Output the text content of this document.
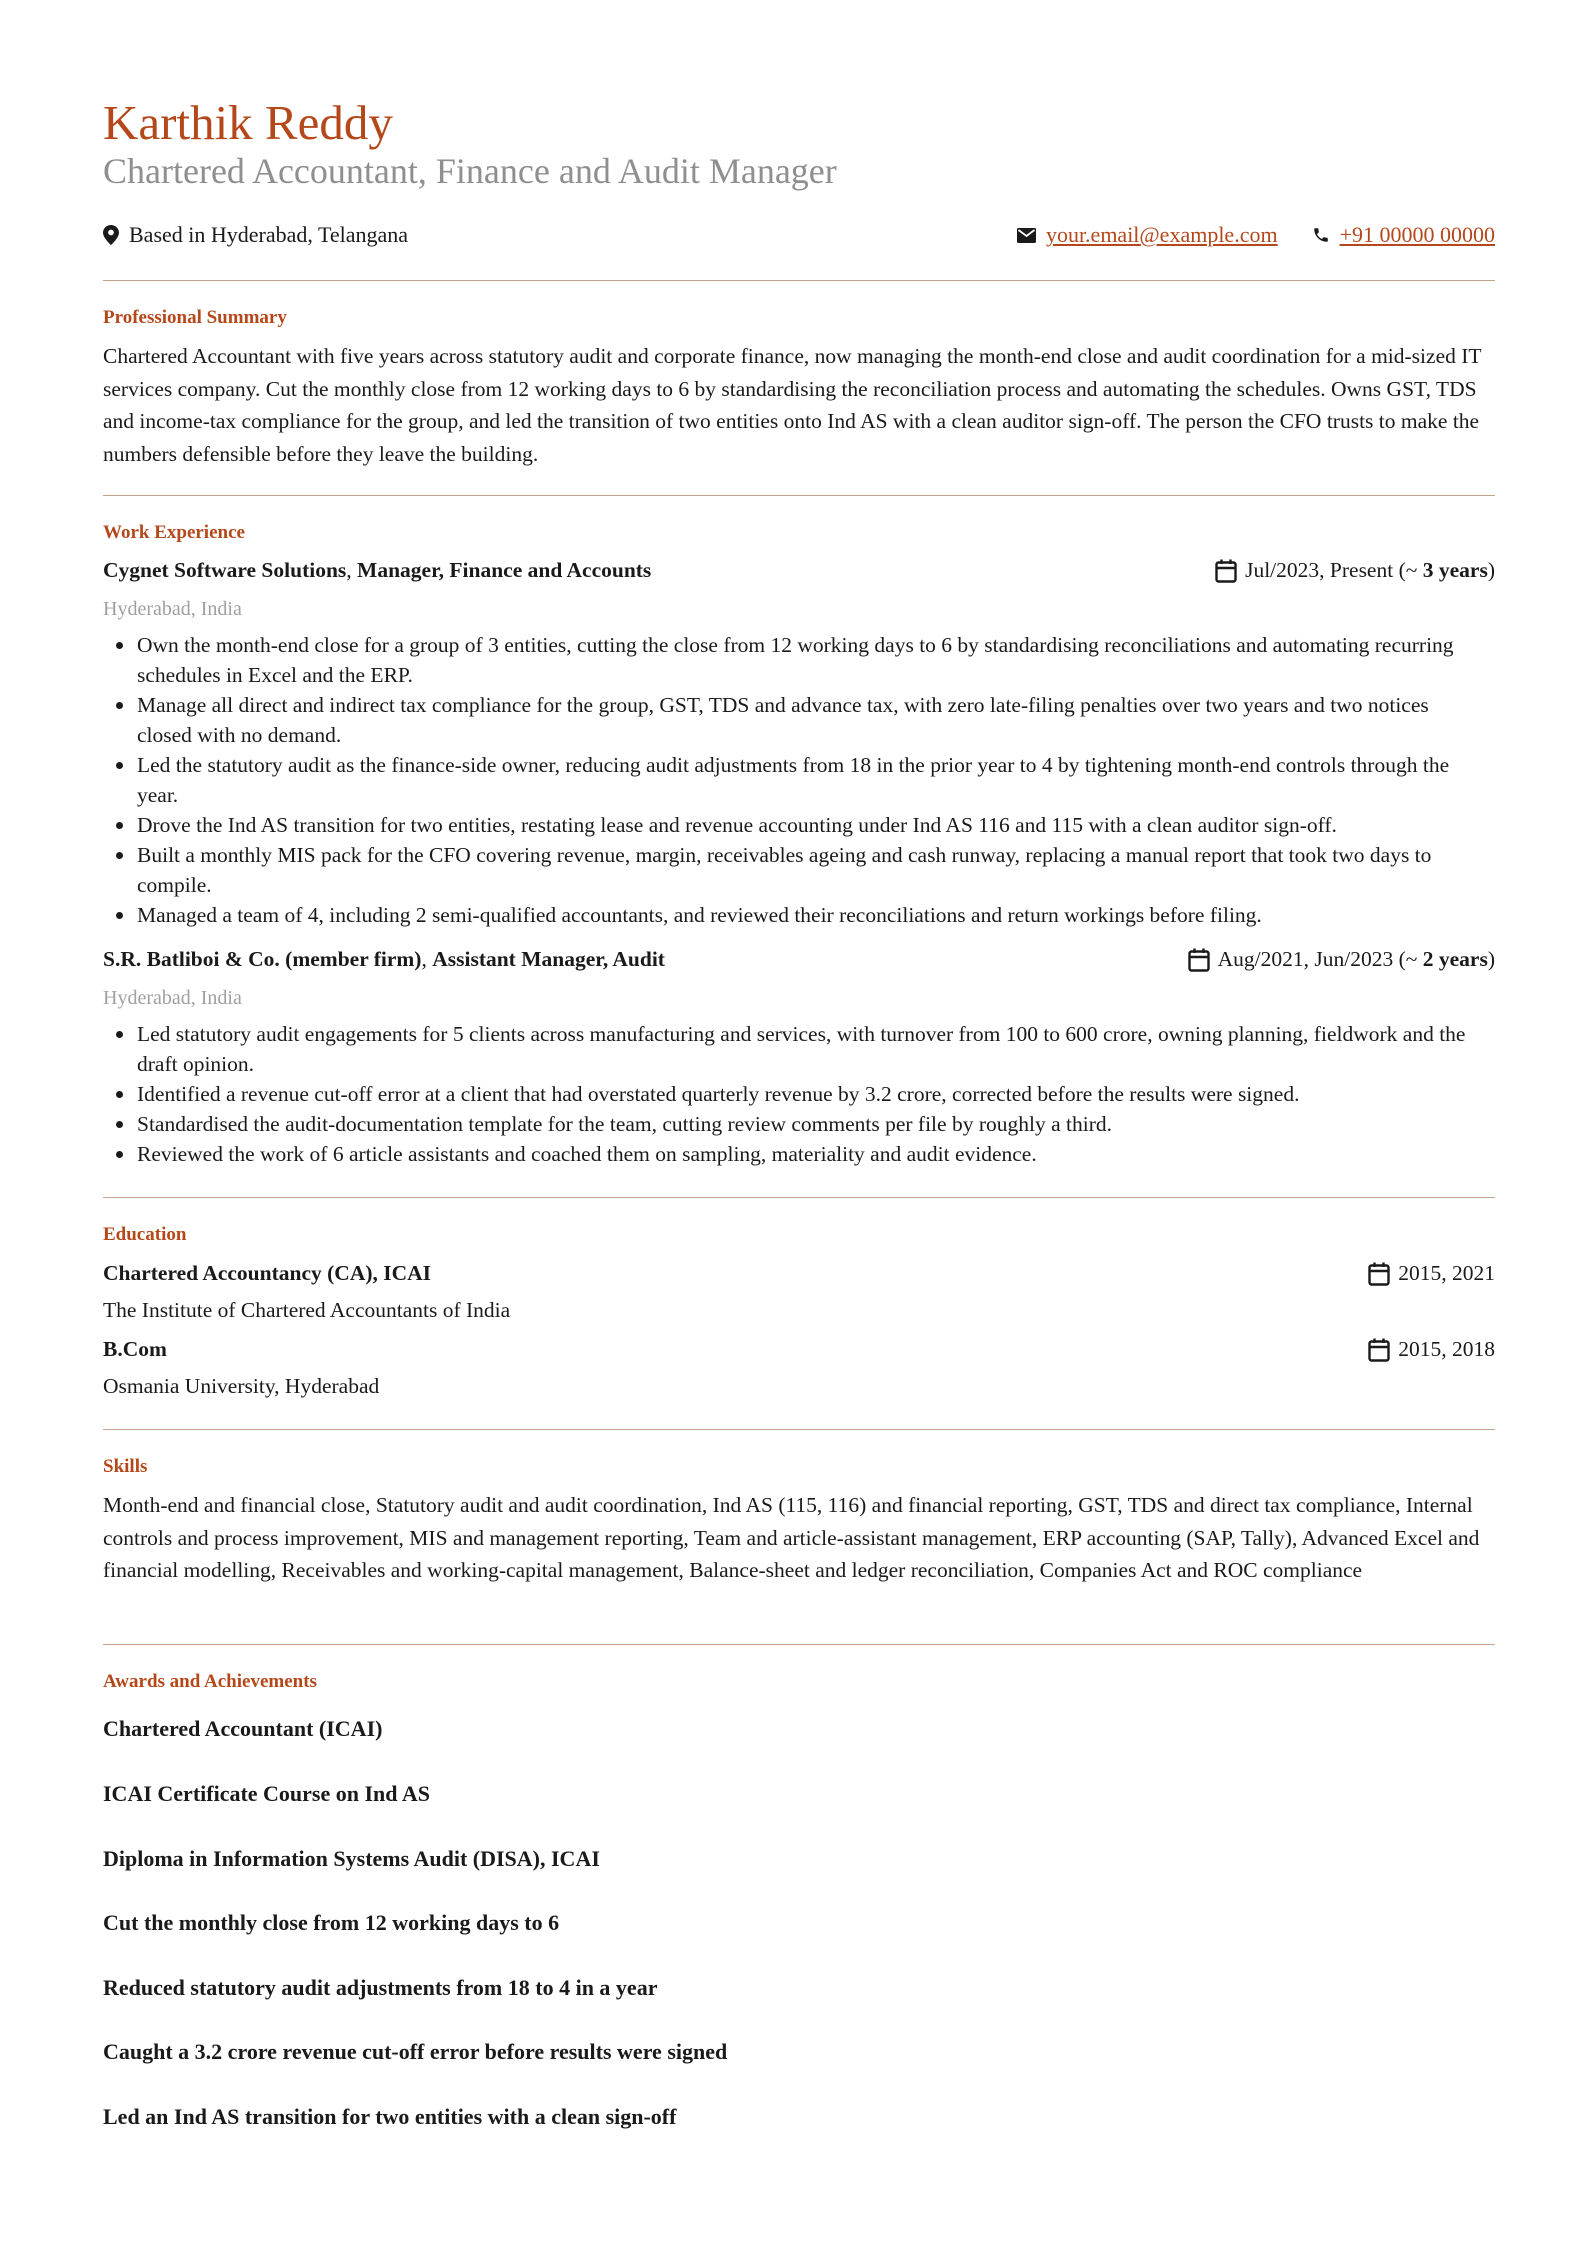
Karthik Reddy
Chartered Accountant, Finance and Audit Manager
Based in Hyderabad, Telangana	your.email@example.com	+91 00000 00000
Professional Summary
Chartered Accountant with five years across statutory audit and corporate finance, now managing the month-end close and audit coordination for a mid-sized IT services company. Cut the monthly close from 12 working days to 6 by standardising the reconciliation process and automating the schedules. Owns GST, TDS and income-tax compliance for the group, and led the transition of two entities onto Ind AS with a clean auditor sign-off. The person the CFO trusts to make the numbers defensible before they leave the building.
Work Experience
Cygnet Software Solutions, Manager, Finance and Accounts	Jul/2023, Present (~ 3 years)
Hyderabad, India
Own the month-end close for a group of 3 entities, cutting the close from 12 working days to 6 by standardising reconciliations and automating recurring schedules in Excel and the ERP.
Manage all direct and indirect tax compliance for the group, GST, TDS and advance tax, with zero late-filing penalties over two years and two notices closed with no demand.
Led the statutory audit as the finance-side owner, reducing audit adjustments from 18 in the prior year to 4 by tightening month-end controls through the year.
Drove the Ind AS transition for two entities, restating lease and revenue accounting under Ind AS 116 and 115 with a clean auditor sign-off.
Built a monthly MIS pack for the CFO covering revenue, margin, receivables ageing and cash runway, replacing a manual report that took two days to compile.
Managed a team of 4, including 2 semi-qualified accountants, and reviewed their reconciliations and return workings before filing.
S.R. Batliboi & Co. (member firm), Assistant Manager, Audit	Aug/2021, Jun/2023 (~ 2 years)
Hyderabad, India
Led statutory audit engagements for 5 clients across manufacturing and services, with turnover from 100 to 600 crore, owning planning, fieldwork and the draft opinion.
Identified a revenue cut-off error at a client that had overstated quarterly revenue by 3.2 crore, corrected before the results were signed.
Standardised the audit-documentation template for the team, cutting review comments per file by roughly a third.
Reviewed the work of 6 article assistants and coached them on sampling, materiality and audit evidence.
Education
Chartered Accountancy (CA), ICAI	2015, 2021
The Institute of Chartered Accountants of India
B.Com	2015, 2018
Osmania University, Hyderabad
Skills
Month-end and financial close, Statutory audit and audit coordination, Ind AS (115, 116) and financial reporting, GST, TDS and direct tax compliance, Internal controls and process improvement, MIS and management reporting, Team and article-assistant management, ERP accounting (SAP, Tally), Advanced Excel and financial modelling, Receivables and working-capital management, Balance-sheet and ledger reconciliation, Companies Act and ROC compliance
Awards and Achievements
Chartered Accountant (ICAI)
ICAI Certificate Course on Ind AS
Diploma in Information Systems Audit (DISA), ICAI
Cut the monthly close from 12 working days to 6
Reduced statutory audit adjustments from 18 to 4 in a year
Caught a 3.2 crore revenue cut-off error before results were signed
Led an Ind AS transition for two entities with a clean sign-off
